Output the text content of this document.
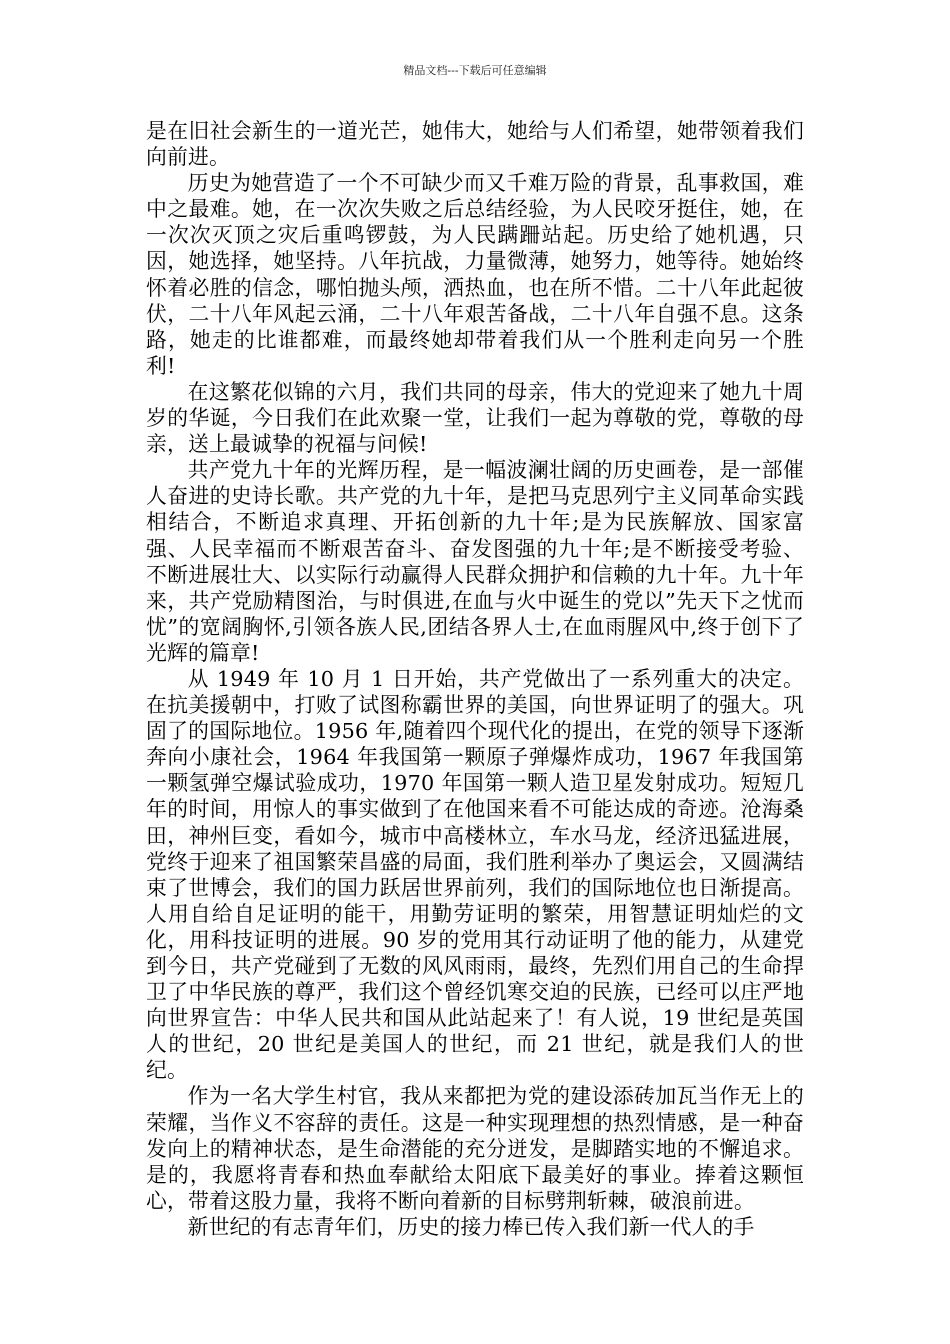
精品文档---下载后可任意编辑

是在旧社会新生的一道光芒，她伟大，她给与人们希望，她带领着我们向前进。

历史为她营造了一个不可缺少而又千难万险的背景，乱事救国，难中之最难。她，在一次次失败之后总结经验，为人民咬牙挺住，她，在一次次灭顶之灾后重鸣锣鼓，为人民蹒跚站起。历史给了她机遇，只因，她选择，她坚持。八年抗战，力量微薄，她努力，她等待。她始终怀着必胜的信念，哪怕抛头颅，洒热血，也在所不惜。二十八年此起彼伏，二十八年风起云涌，二十八年艰苦备战，二十八年自强不息。这条路，她走的比谁都难，而最终她却带着我们从一个胜利走向另一个胜利!

在这繁花似锦的六月，我们共同的母亲，伟大的党迎来了她九十周岁的华诞，今日我们在此欢聚一堂，让我们一起为尊敬的党，尊敬的母亲，送上最诚挚的祝福与问候!

共产党九十年的光辉历程，是一幅波澜壮阔的历史画卷，是一部催人奋进的史诗长歌。共产党的九十年，是把马克思列宁主义同革命实践相结合，不断追求真理、开拓创新的九十年;是为民族解放、国家富强、人民幸福而不断艰苦奋斗、奋发图强的九十年;是不断接受考验、不断进展壮大、以实际行动赢得人民群众拥护和信赖的九十年。九十年来，共产党励精图治，与时俱进,在血与火中诞生的党以”先天下之忧而忧”的宽阔胸怀,引领各族人民,团结各界人士,在血雨腥风中,终于创下了光辉的篇章!

从 1949 年 10 月 1 日开始，共产党做出了一系列重大的决定。在抗美援朝中，打败了试图称霸世界的美国，向世界证明了的强大。巩固了的国际地位。1956 年,随着四个现代化的提出，在党的领导下逐渐奔向小康社会，1964 年我国第一颗原子弹爆炸成功，1967 年我国第一颗氢弹空爆试验成功，1970 年国第一颗人造卫星发射成功。短短几年的时间，用惊人的事实做到了在他国来看不可能达成的奇迹。沧海桑田，神州巨变，看如今，城市中高楼林立，车水马龙，经济迅猛进展，党终于迎来了祖国繁荣昌盛的局面，我们胜利举办了奥运会，又圆满结束了世博会，我们的国力跃居世界前列，我们的国际地位也日渐提高。人用自给自足证明的能干，用勤劳证明的繁荣，用智慧证明灿烂的文化，用科技证明的进展。90 岁的党用其行动证明了他的能力，从建党到今日，共产党碰到了无数的风风雨雨，最终，先烈们用自己的生命捍卫了中华民族的尊严，我们这个曾经饥寒交迫的民族，已经可以庄严地向世界宣告：中华人民共和国从此站起来了！有人说，19 世纪是英国人的世纪，20 世纪是美国人的世纪，而 21 世纪，就是我们人的世纪。

作为一名大学生村官，我从来都把为党的建设添砖加瓦当作无上的荣耀，当作义不容辞的责任。这是一种实现理想的热烈情感，是一种奋发向上的精神状态，是生命潜能的充分迸发，是脚踏实地的不懈追求。是的，我愿将青春和热血奉献给太阳底下最美好的事业。捧着这颗恒心，带着这股力量，我将不断向着新的目标劈荆斩棘，破浪前进。

新世纪的有志青年们，历史的接力棒已传入我们新一代人的手
